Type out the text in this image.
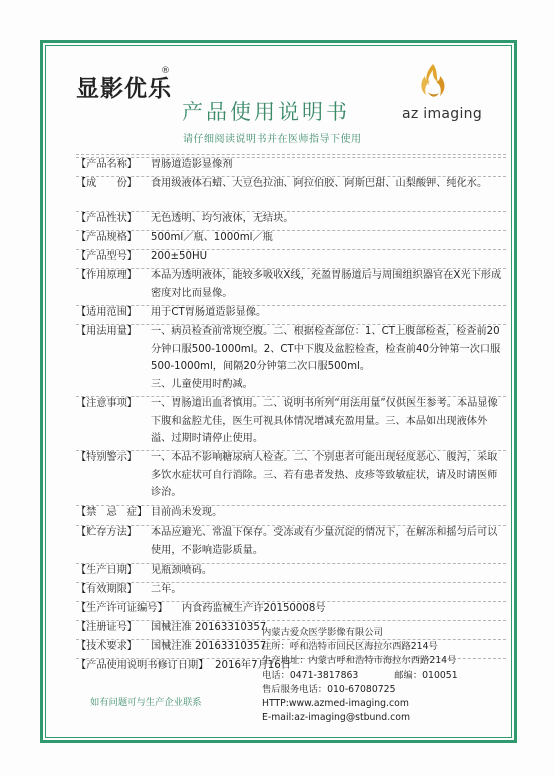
显影优乐
®
产品使用说明书
请仔细阅读说明书并在医师指导下使用
az imaging
【产品名称】	胃肠道造影显像剂
【成　　份】	食用级液体石蜡、大豆色拉油、阿拉伯胶、阿斯巴甜、山梨酸钾、纯化水。
【产品性状】	无色透明、均匀液体，无结块。
【产品规格】	500ml／瓶、1000ml／瓶
【产品型号】	200±50HU
【作用原理】	本品为透明液体，能较多吸收X线，充盈胃肠道后与周围组织器官在X光下形成密度对比而显像。
【适用范围】	用于CT胃肠道造影显像。
【用法用量】	一、病员检查前常规空腹。二、根据检查部位：1、CT上腹部检查，检查前20分钟口服500-1000ml。2、CT中下腹及盆腔检查，检查前40分钟第一次口服500-1000ml，间隔20分钟第二次口服500ml。
三、儿童使用时酌减。
【注意事项】	一、胃肠道出血者慎用。二、说明书所列“用法用量”仅供医生参考。本品显像下腹和盆腔尤佳，医生可视具体情况增减充盈用量。三、本品如出现液体外溢、过期时请停止使用。
【特别警示】	一、本品不影响糖尿病人检查。二、个别患者可能出现轻度恶心、腹泻，采取多饮水症状可自行消除。三、若有患者发热、皮疹等致敏症状，请及时请医师诊治。
【禁　忌　症】 目前尚未发现。
【贮存方法】	本品应避光、常温下保存。受冻或有少量沉淀的情况下，在解冻和摇匀后可以使用，不影响造影质量。
【生产日期】	见瓶颈喷码。
【有效期限】	二年。
【生产许可证编号】 内食药监械生产许20150008号
【注册证号】	国械注准 20163310357
【技术要求】	国械注准 20163310357
【产品使用说明书修订日期】 2016年7月16日
内蒙古爱众医学影像有限公司
住所：呼和浩特市回民区海拉尔西路214号
生产地址：内蒙古呼和浩特市海拉尔西路214号
电话：0471-3817863	邮编：010051
售后服务电话：010-67080725
HTTP:www.azmed-imaging.com
E-mail:az-imaging@stbund.com
如有问题可与生产企业联系
